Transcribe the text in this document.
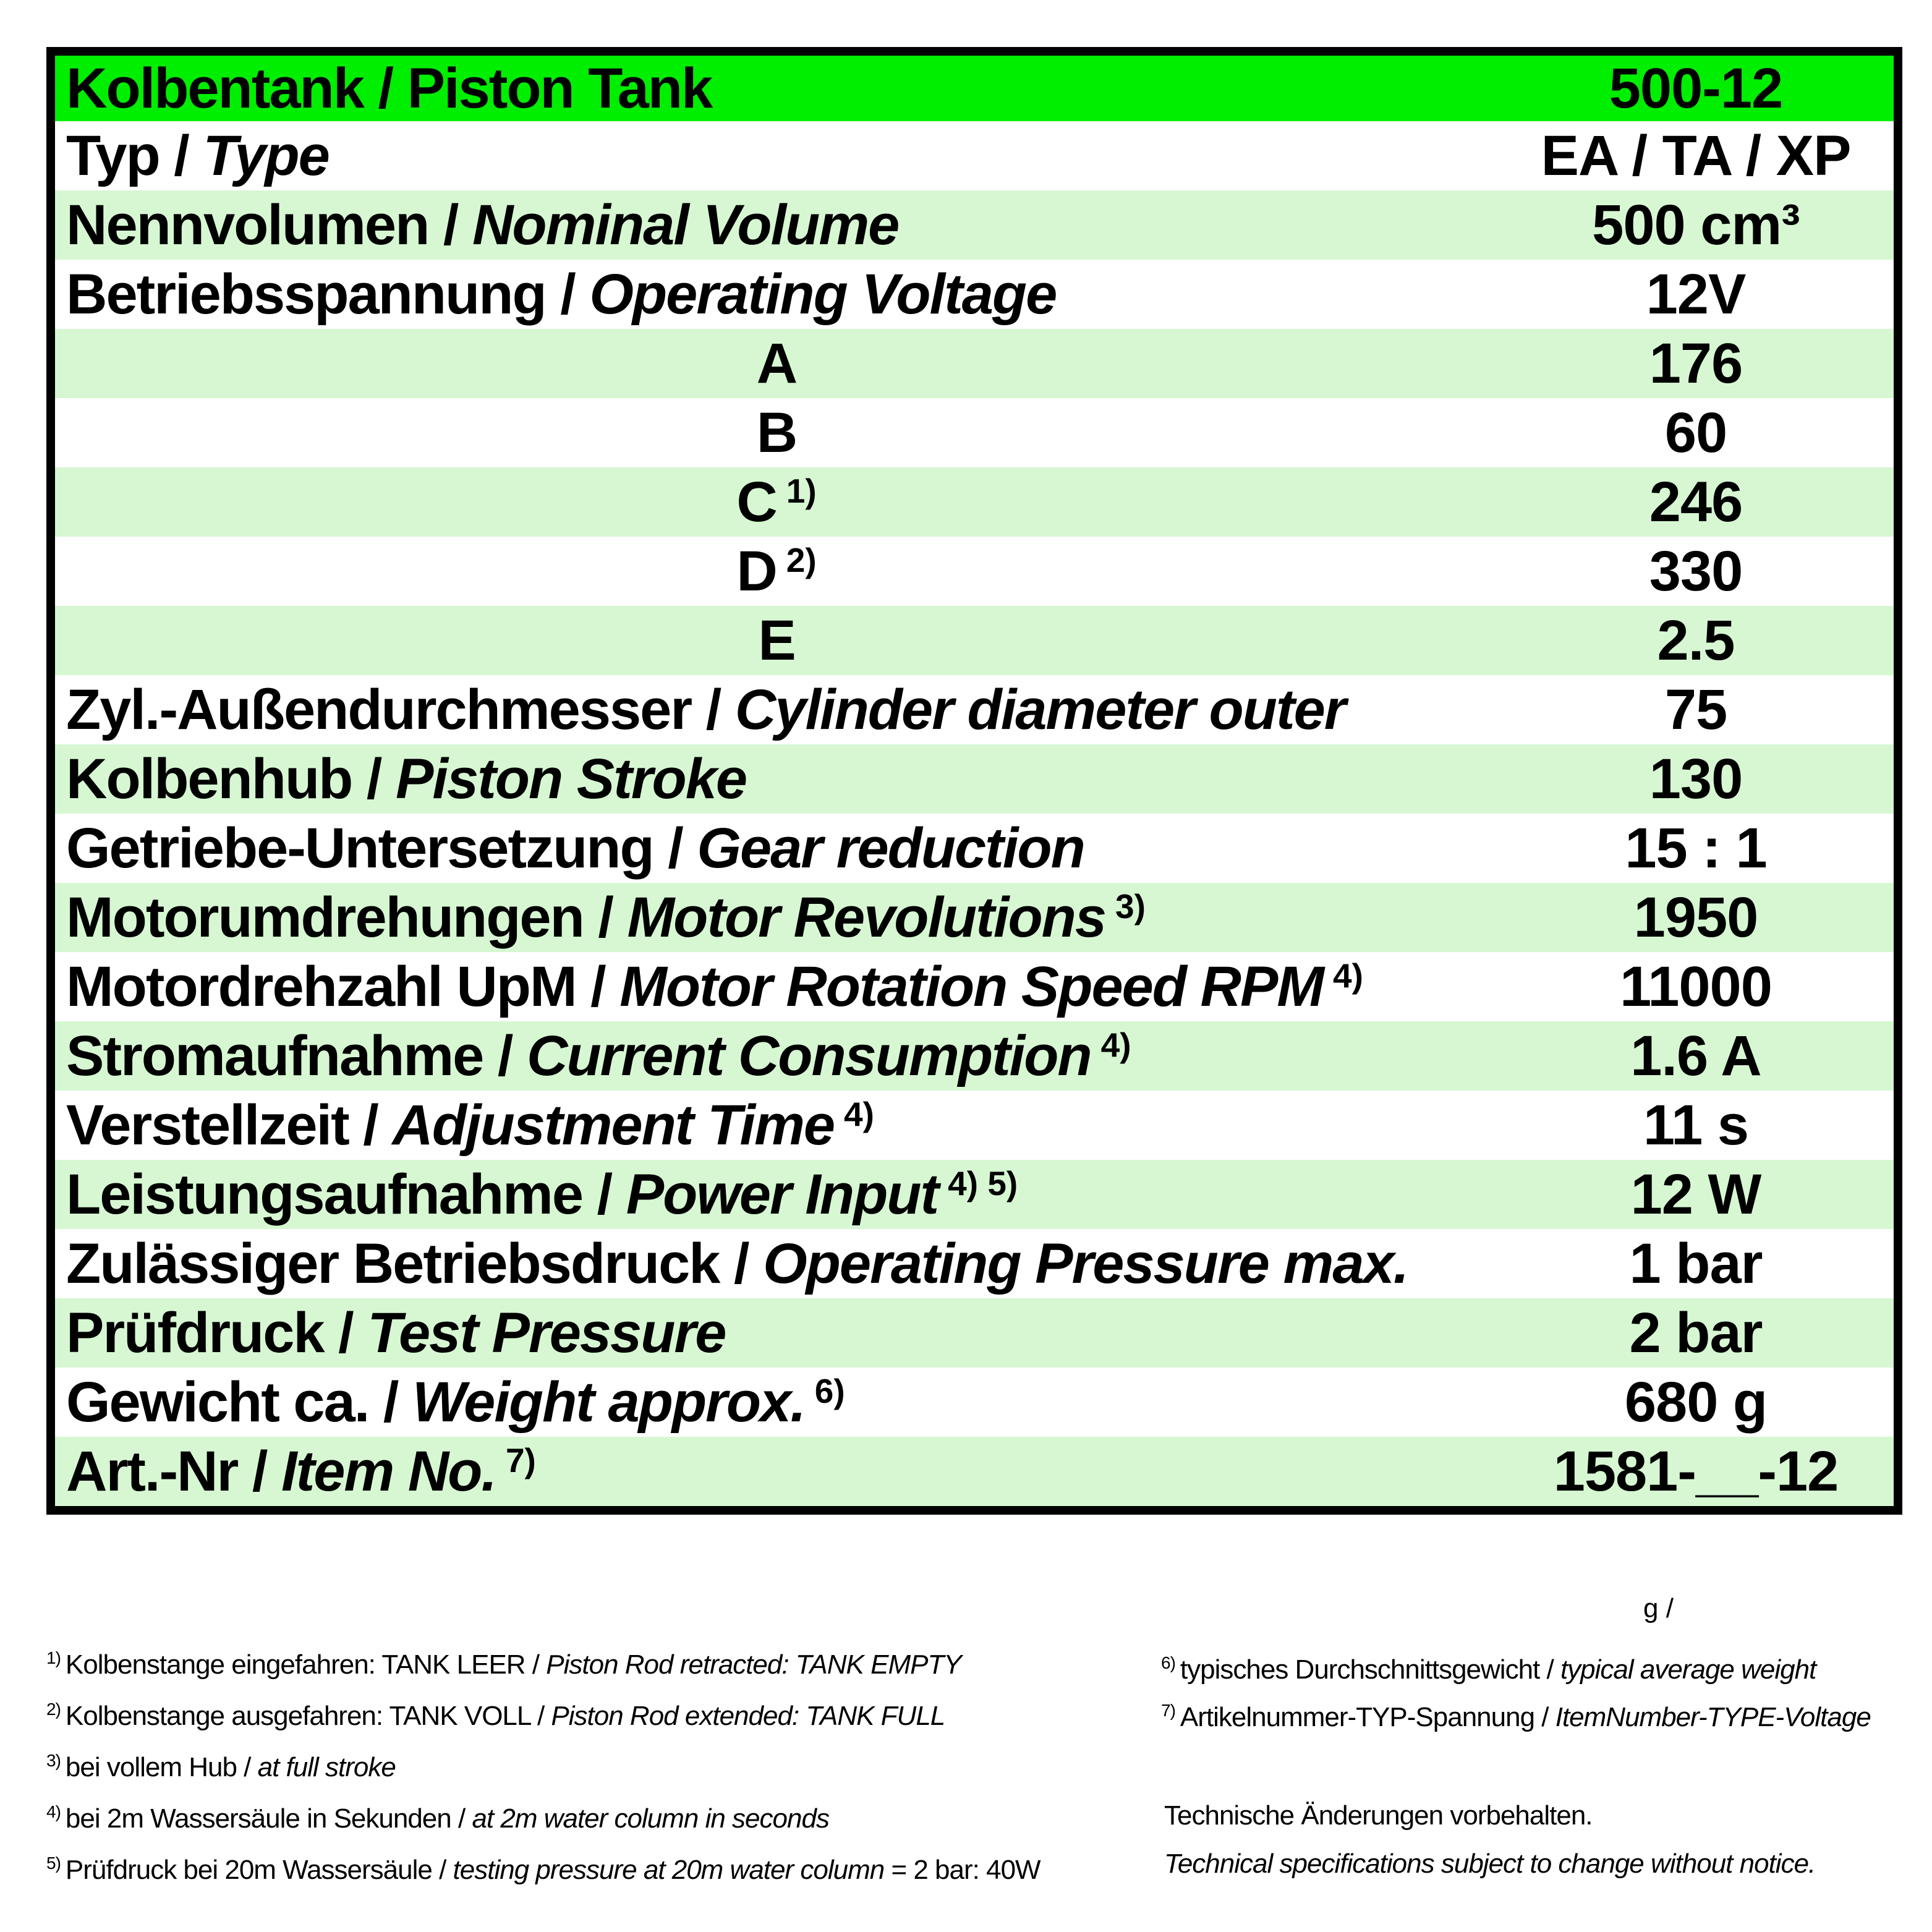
Kolbentank / Piston Tank	500-12
Typ / Type	EA / TA / XP
Nennvolumen / Nominal Volume	500 cm³
Betriebsspannung / Operating Voltage	12V
A	176
B	60
C $^{1)}$	246
D $^{2)}$	330
E	2.5
Zyl.-Außendurchmesser / Cylinder diameter outer	75
Kolbenhub / Piston Stroke	130
Getriebe-Untersetzung / Gear reduction	15 : 1
Motorumdrehungen / Motor Revolutions $^{3)}$	1950
Motordrehzahl UpM / Motor Rotation Speed RPM $^{4)}$	11000
Stromaufnahme / Current Consumption $^{4)}$	1.6 A
Verstellzeit / Adjustment Time $^{4)}$	11 s
Leistungsaufnahme / Power Input $^{4) 5)}$	12 W
Zulässiger Betriebsdruck / Operating Pressure max.	1 bar
Prüfdruck / Test Pressure	2 bar
Gewicht ca. / Weight approx. $^{6)}$	680 g
Art.-Nr / Item No. $^{7)}$	1581-__-12
$^{1)}$ Kolbenstange eingefahren: TANK LEER / Piston Rod retracted: TANK EMPTY
$^{2)}$ Kolbenstange ausgefahren: TANK VOLL / Piston Rod extended: TANK FULL
$^{3)}$ bei vollem Hub / at full stroke
$^{4)}$ bei 2m Wassersäule in Sekunden / at 2m water column in seconds
$^{5)}$ Prüfdruck bei 20m Wassersäule / testing pressure at 20m water column = 2 bar: 40W
g /
$^{6)}$ typisches Durchschnittsgewicht / typical average weight
$^{7)}$ Artikelnummer-TYP-Spannung / ItemNumber-TYPE-Voltage
Technische Änderungen vorbehalten.
Technical specifications subject to change without notice.
